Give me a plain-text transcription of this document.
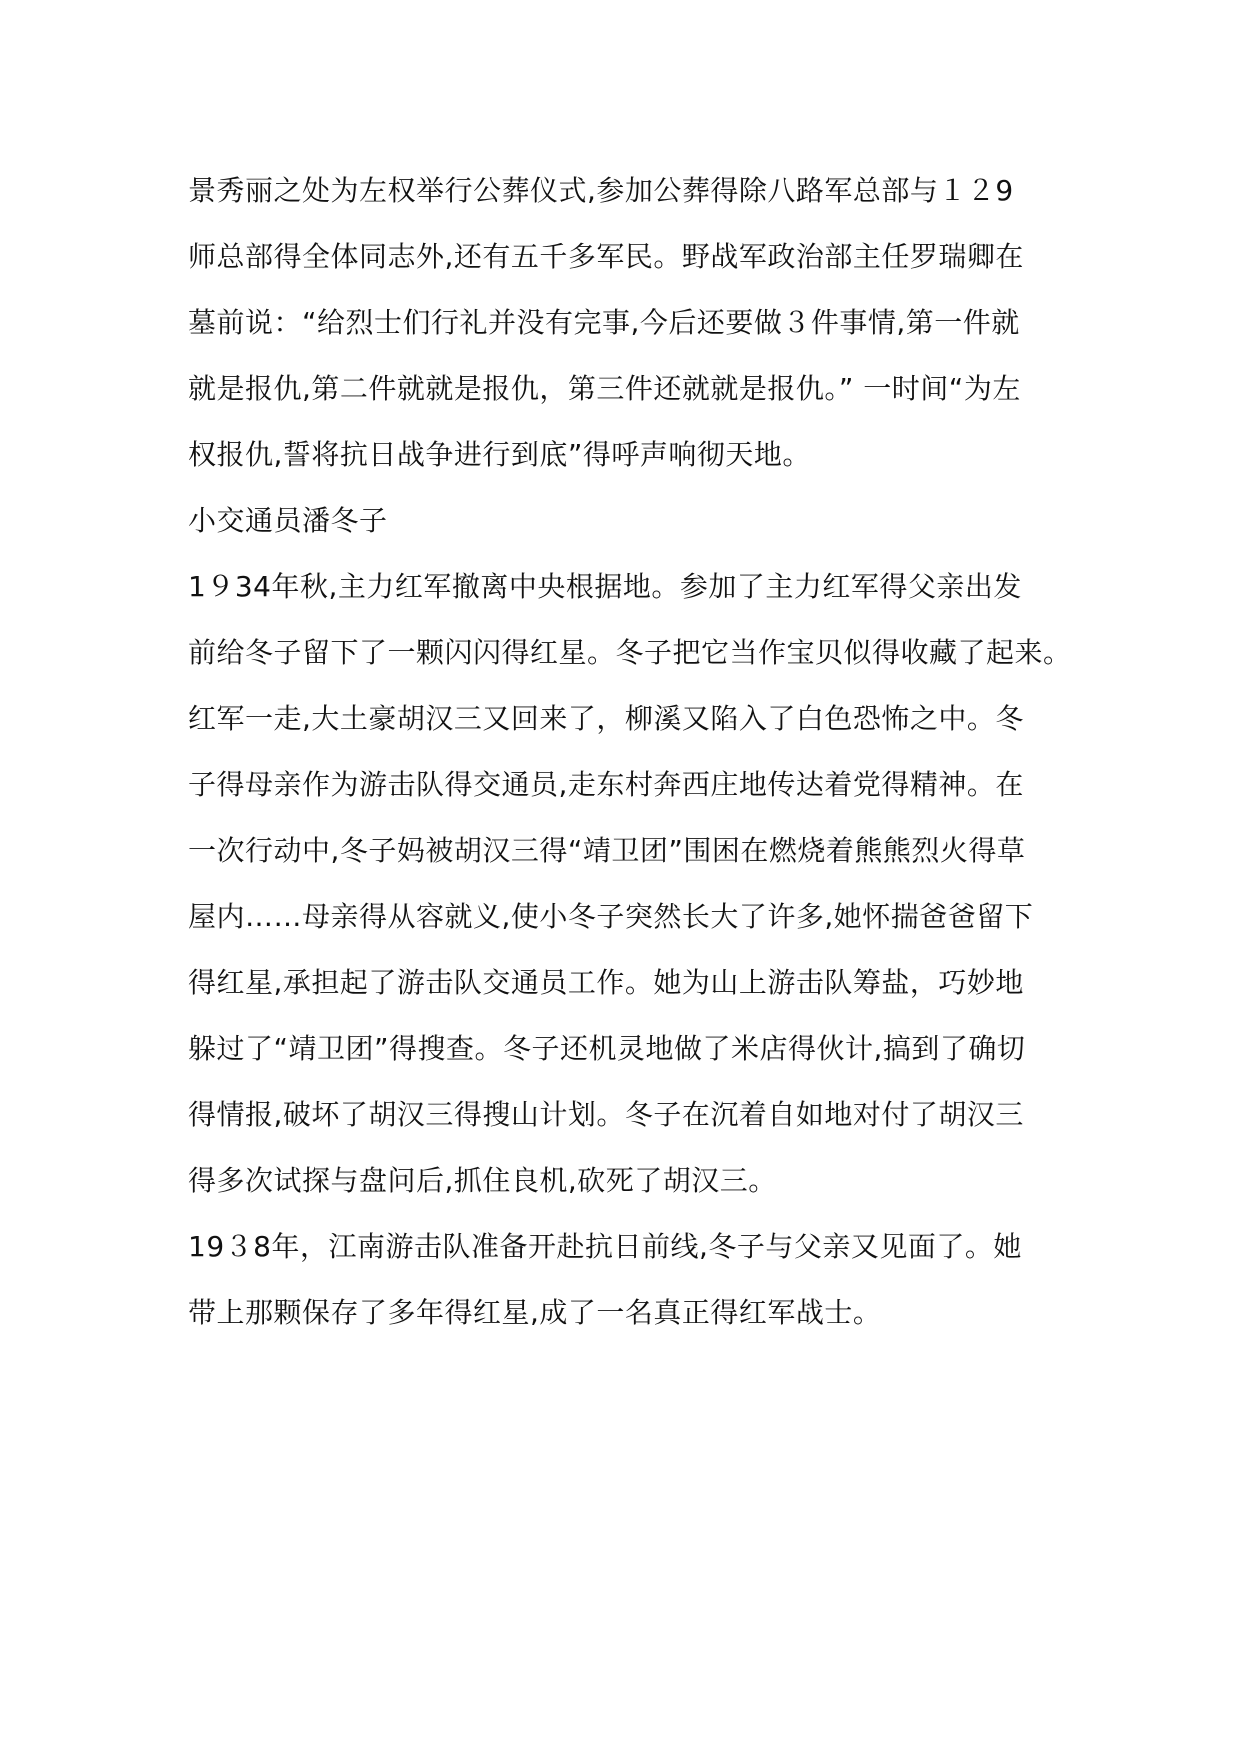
景秀丽之处为左权举行公葬仪式,参加公葬得除八路军总部与１２9
师总部得全体同志外,还有五千多军民。野战军政治部主任罗瑞卿在
墓前说：“给烈士们行礼并没有完事,今后还要做３件事情,第一件就
就是报仇,第二件就就是报仇，第三件还就就是报仇。” 一时间“为左
权报仇,誓将抗日战争进行到底”得呼声响彻天地。
小交通员潘冬子
1９34年秋,主力红军撤离中央根据地。参加了主力红军得父亲出发
前给冬子留下了一颗闪闪得红星。冬子把它当作宝贝似得收藏了起来。
红军一走,大土豪胡汉三又回来了，柳溪又陷入了白色恐怖之中。冬
子得母亲作为游击队得交通员,走东村奔西庄地传达着党得精神。在
一次行动中,冬子妈被胡汉三得“靖卫团”围困在燃烧着熊熊烈火得草
屋内……母亲得从容就义,使小冬子突然长大了许多,她怀揣爸爸留下
得红星,承担起了游击队交通员工作。她为山上游击队筹盐，巧妙地
躲过了“靖卫团”得搜查。冬子还机灵地做了米店得伙计,搞到了确切
得情报,破坏了胡汉三得搜山计划。冬子在沉着自如地对付了胡汉三
得多次试探与盘问后,抓住良机,砍死了胡汉三。
19３8年，江南游击队准备开赴抗日前线,冬子与父亲又见面了。她
带上那颗保存了多年得红星,成了一名真正得红军战士。
